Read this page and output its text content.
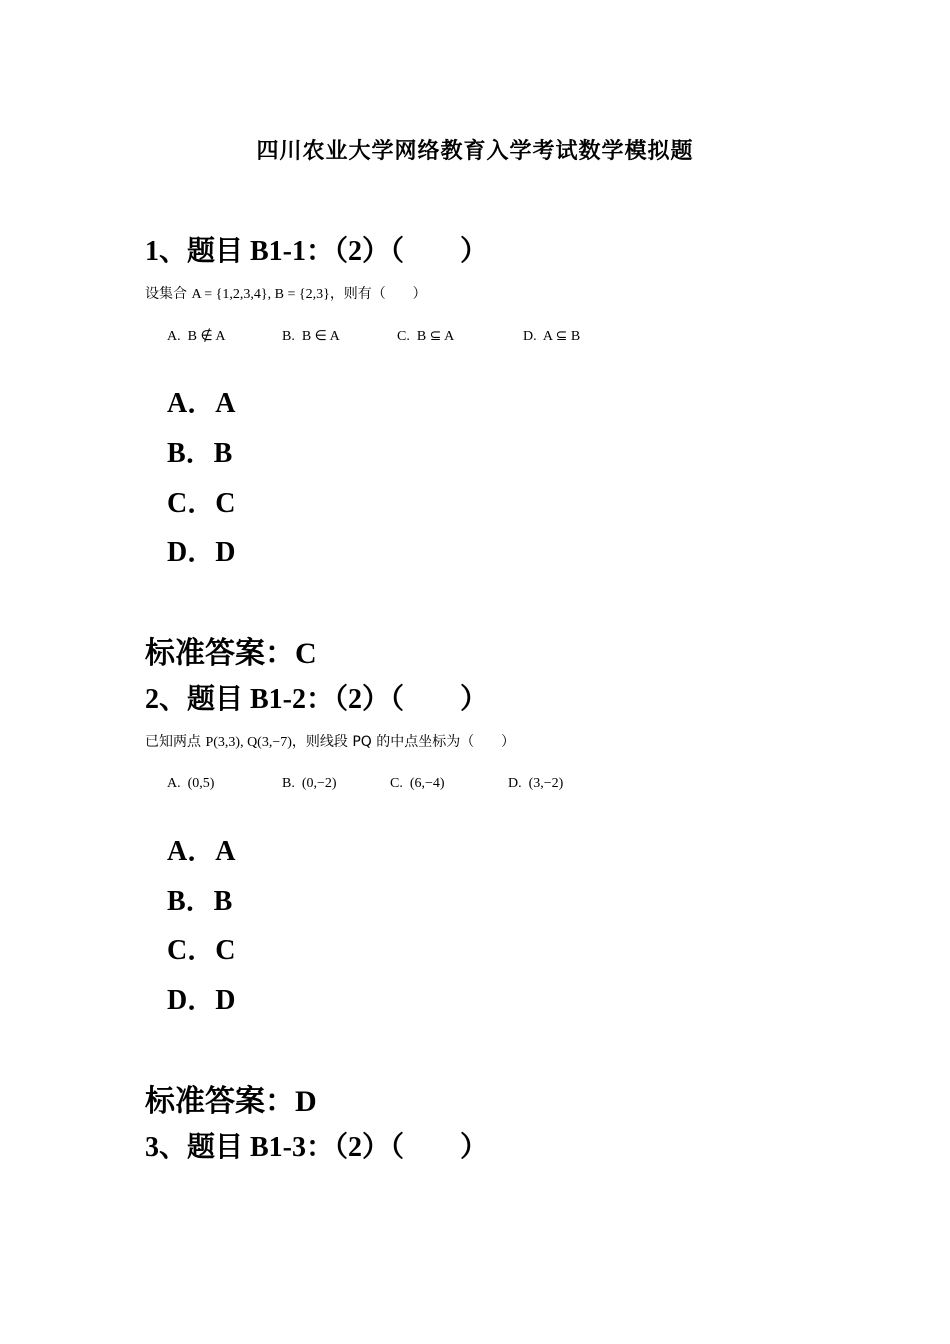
四川农业大学网络教育入学考试数学模拟题
1、题目 B1-1：（2）（        ）
设集合 A = {1,2,3,4}, B = {2,3}，则有（      ）
A.  B ∉ A	B.  B ∈ A	C.  B ⊆ A	D.  A ⊆ B
A．A
B．B
C．C
D．D
标准答案：C
2、题目 B1-2：（2）（        ）
已知两点 P(3,3), Q(3,−7)，则线段 PQ 的中点坐标为（      ）
A.  (0,5)	B.  (0,−2)	C.  (6,−4)	D.  (3,−2)
A．A
B．B
C．C
D．D
标准答案：D
3、题目 B1-3：（2）（        ）
